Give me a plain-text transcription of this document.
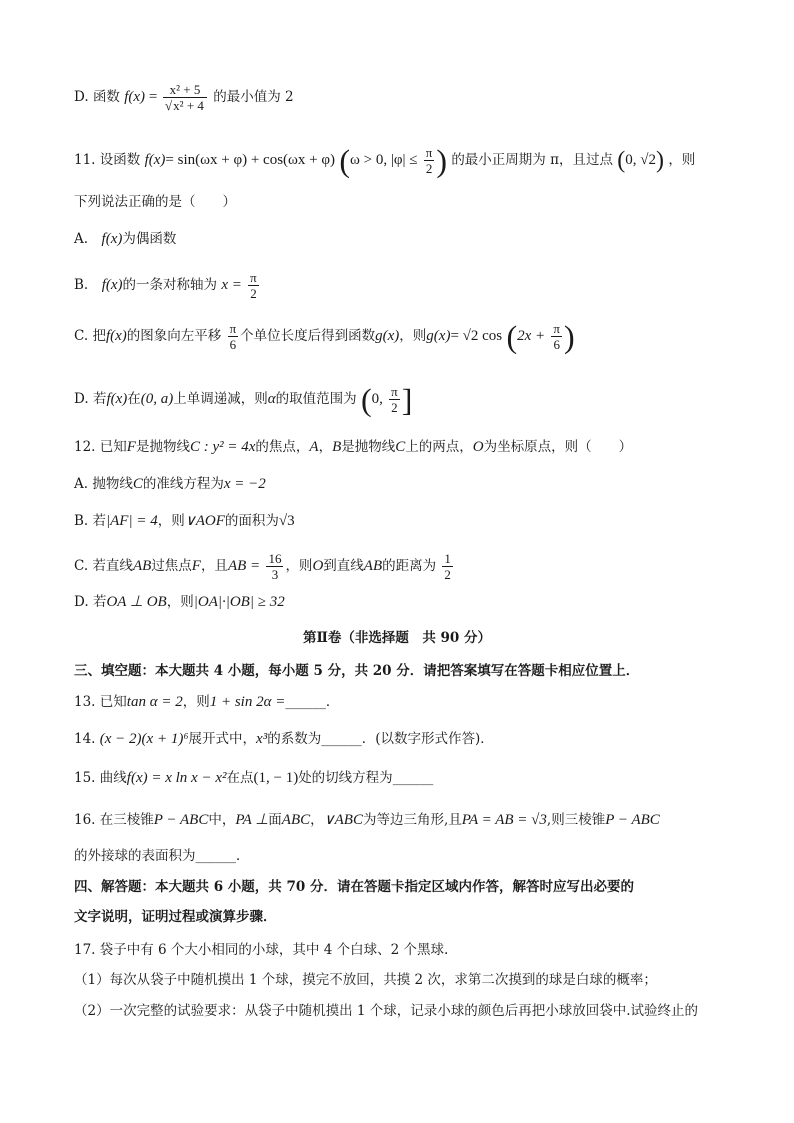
D. 函数 $f(x) = \frac{\text{x² + 5}}{\text{√x² + 4}}$ 的最小值为 2
11. 设函数 f(x)= sin(ωx + φ) + cos(ωx + φ) (ω > 0, $|\varphi| \le \frac{\pi}{2}$ ) 的最小正周期为 π，且过点 (0, √2) ，则
下列说法正确的是（　　）
A.　 f(x)为偶函数
B.　 f(x)的一条对称轴为 $x = \frac{\pi}{2}$
C. 把f(x)的图象向左平移 $\frac{\pi}{6}$ 个单位长度后得到函数g(x)，则g(x)= √2 $\cos (2x + \frac{\pi}{6}$ )
D. 若f(x)在(0, a)上单调递减，则α的取值范围为 (0, $\frac{\pi}{2}$ ]
12. 已知F是抛物线C : y² = 4x的焦点，A，B是抛物线C上的两点，O为坐标原点，则（　　）
A. 抛物线C的准线方程为x = −2
B. 若|AF| = 4，则∨AOF的面积为√3
C. 若直线AB过焦点F，且AB = $\frac{16}{3}$ ，则O到直线AB的距离为 $\frac{1}{2}$
D. 若OA ⊥ OB，则|OA|·|OB| ≥ 32
第Ⅱ卷（非选择题　共 90 分）
三、填空题：本大题共 4 小题，每小题 5 分，共 20 分．请把答案填写在答题卡相应位置上．
13. 已知tan α = 2，则1 + sin 2α =______．
14. (x − 2)(x + 1)⁶展开式中，x³的系数为______．(以数字形式作答)．
15. 曲线f(x) = x ln x − x²在点(1, − 1)处的切线方程为______
16. 在三棱锥P − ABC中，PA ⊥面ABC，∨ABC为等边三角形,且PA = AB = √3,则三棱锥P − ABC
的外接球的表面积为______．
四、解答题：本大题共 6 小题，共 70 分．请在答题卡指定区域内作答，解答时应写出必要的
文字说明，证明过程或演算步骤．
17. 袋子中有 6 个大小相同的小球，其中 4 个白球、2 个黑球.
（1）每次从袋子中随机摸出 1 个球，摸完不放回，共摸 2 次，求第二次摸到的球是白球的概率；
（2）一次完整的试验要求：从袋子中随机摸出 1 个球，记录小球的颜色后再把小球放回袋中.试验终止的
